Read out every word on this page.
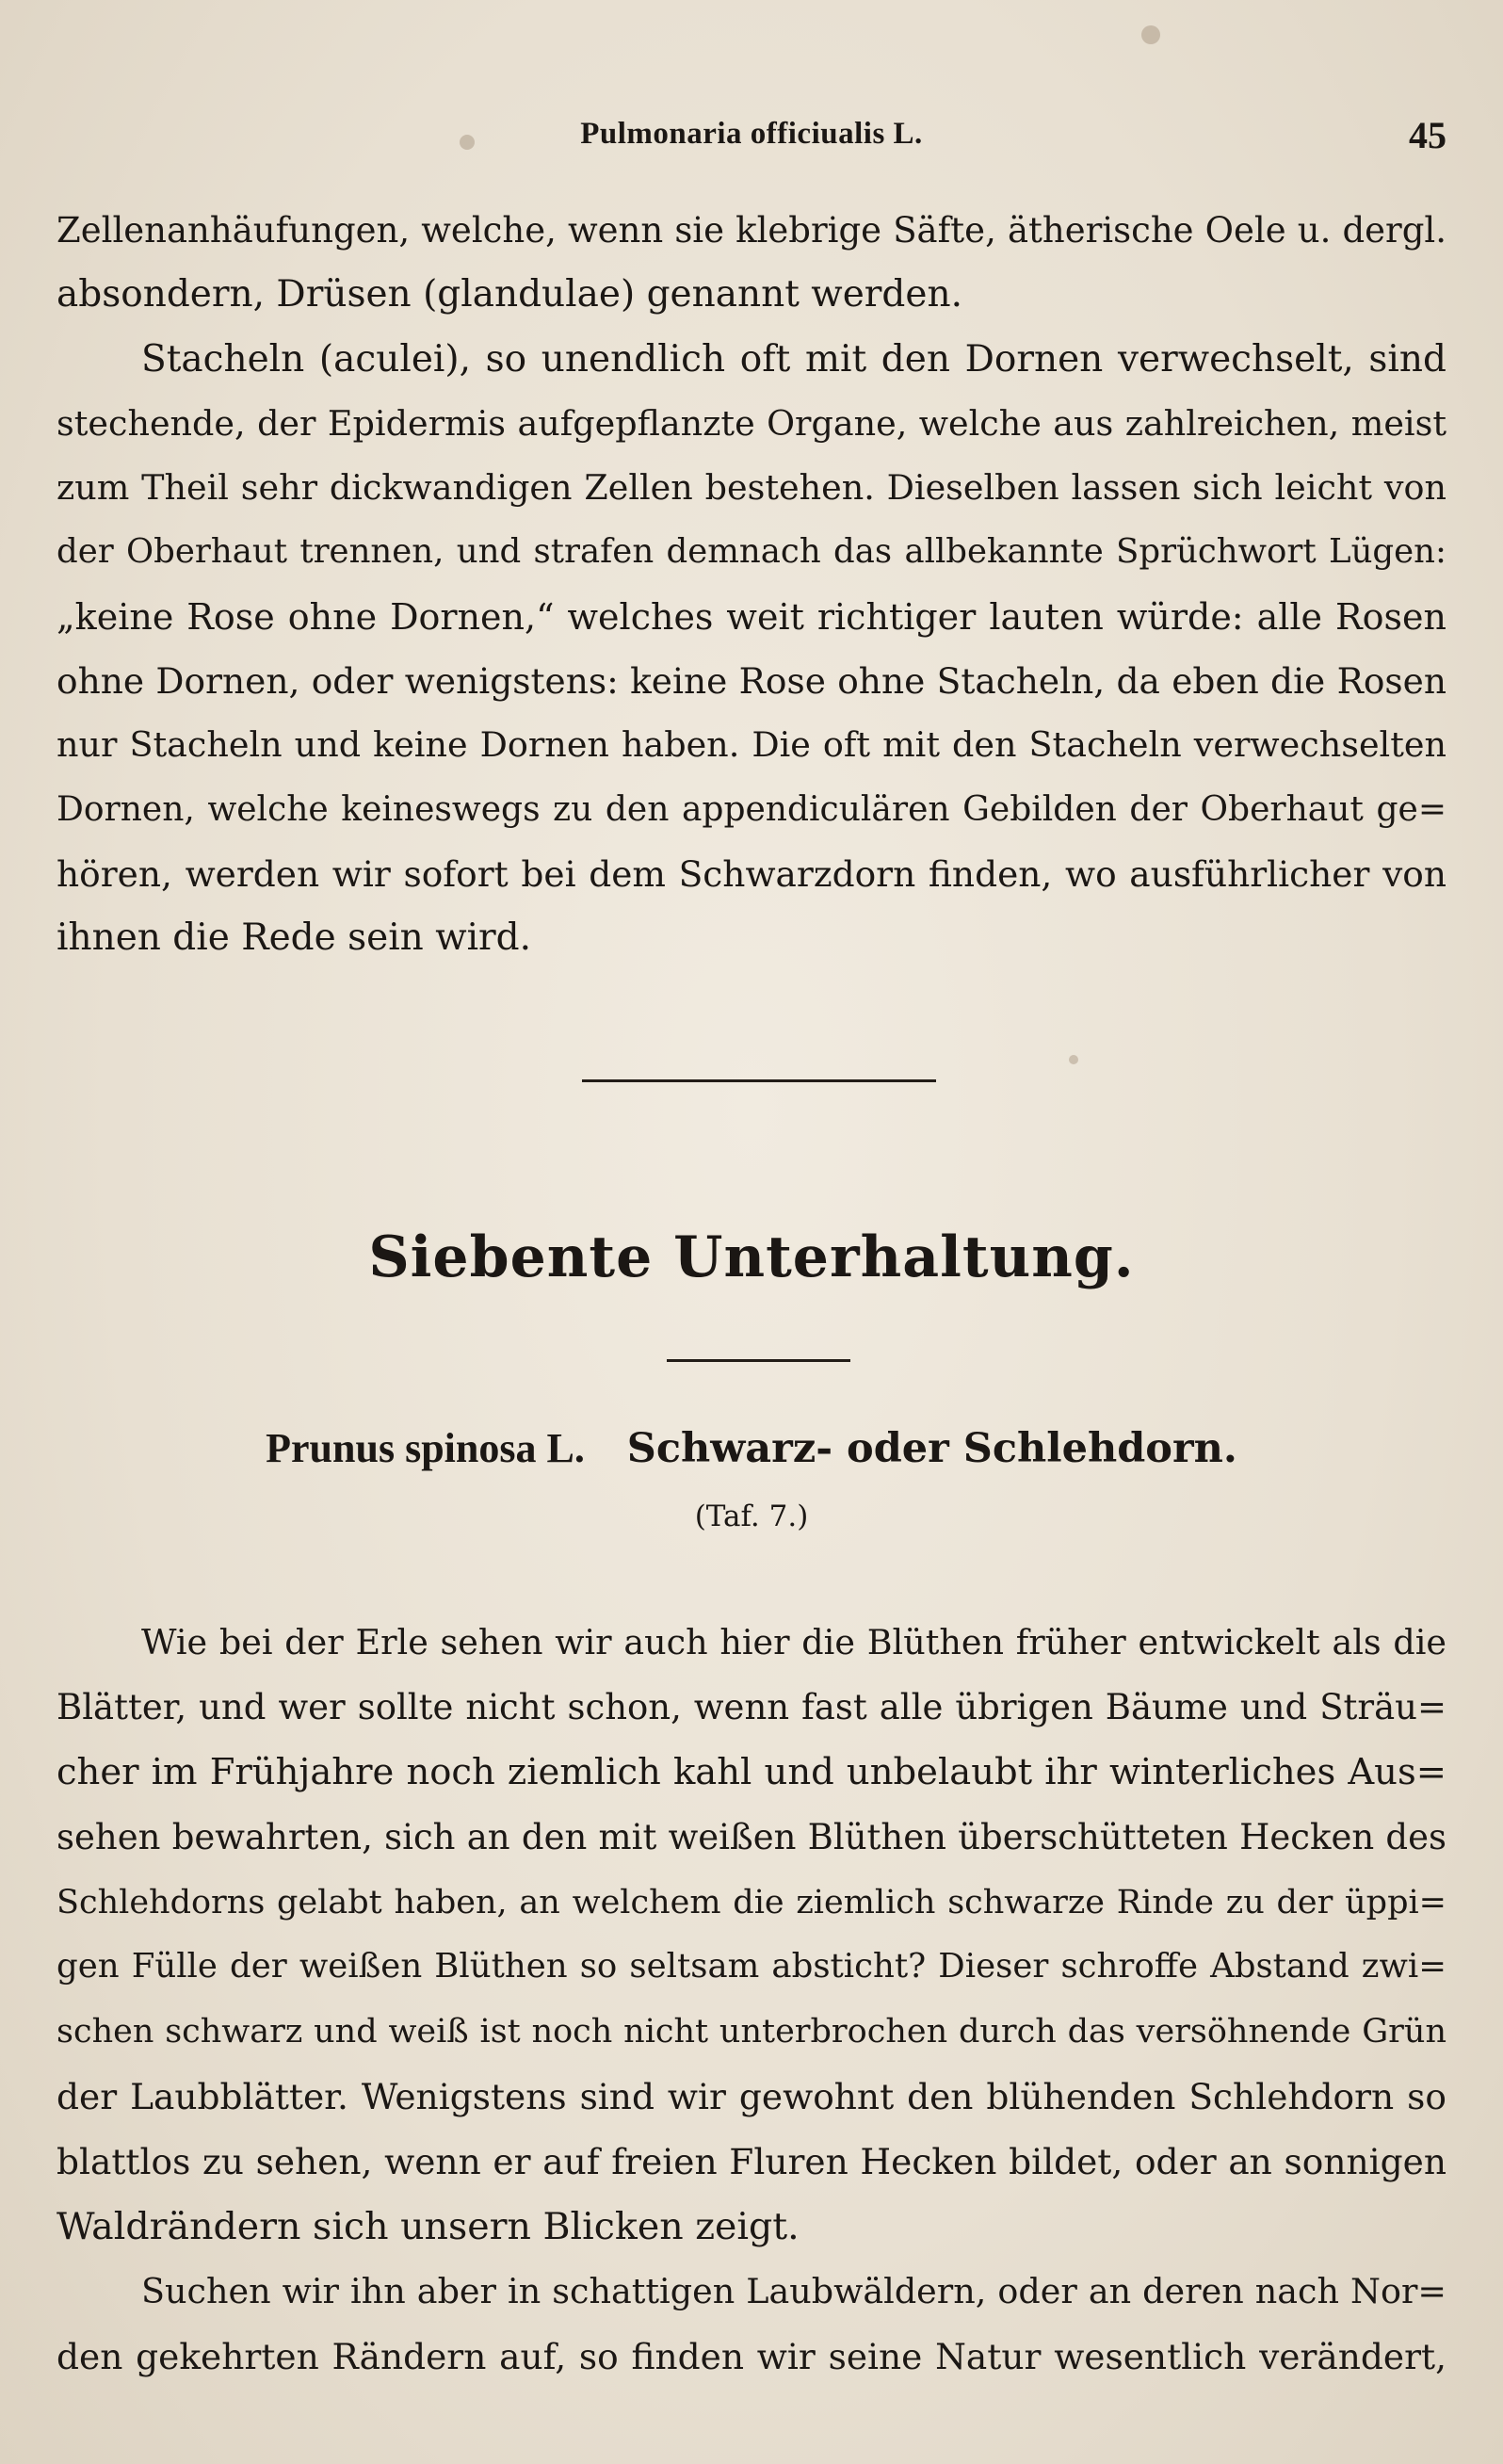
Pulmonaria officiualis L.	45
Zellenanhäufungen, welche, wenn sie klebrige Säfte, ätherische Oele u. dergl.
absondern, Drüsen (glandulae) genannt werden.
Stacheln (aculei), so unendlich oft mit den Dornen verwechselt, sind
stechende, der Epidermis aufgepflanzte Organe, welche aus zahlreichen, meist
zum Theil sehr dickwandigen Zellen bestehen. Dieselben lassen sich leicht von
der Oberhaut trennen, und strafen demnach das allbekannte Sprüchwort Lügen:
„keine Rose ohne Dornen,“ welches weit richtiger lauten würde: alle Rosen
ohne Dornen, oder wenigstens: keine Rose ohne Stacheln, da eben die Rosen
nur Stacheln und keine Dornen haben. Die oft mit den Stacheln verwechselten
Dornen, welche keineswegs zu den appendiculären Gebilden der Oberhaut ge=
hören, werden wir sofort bei dem Schwarzdorn finden, wo ausführlicher von
ihnen die Rede sein wird.
Siebente Unterhaltung.
Prunus spinosa L. Schwarz- oder Schlehdorn.
(Taf. 7.)
Wie bei der Erle sehen wir auch hier die Blüthen früher entwickelt als die
Blätter, und wer sollte nicht schon, wenn fast alle übrigen Bäume und Sträu=
cher im Frühjahre noch ziemlich kahl und unbelaubt ihr winterliches Aus=
sehen bewahrten, sich an den mit weißen Blüthen überschütteten Hecken des
Schlehdorns gelabt haben, an welchem die ziemlich schwarze Rinde zu der üppi=
gen Fülle der weißen Blüthen so seltsam absticht? Dieser schroffe Abstand zwi=
schen schwarz und weiß ist noch nicht unterbrochen durch das versöhnende Grün
der Laubblätter. Wenigstens sind wir gewohnt den blühenden Schlehdorn so
blattlos zu sehen, wenn er auf freien Fluren Hecken bildet, oder an sonnigen
Waldrändern sich unsern Blicken zeigt.
Suchen wir ihn aber in schattigen Laubwäldern, oder an deren nach Nor=
den gekehrten Rändern auf, so finden wir seine Natur wesentlich verändert,
